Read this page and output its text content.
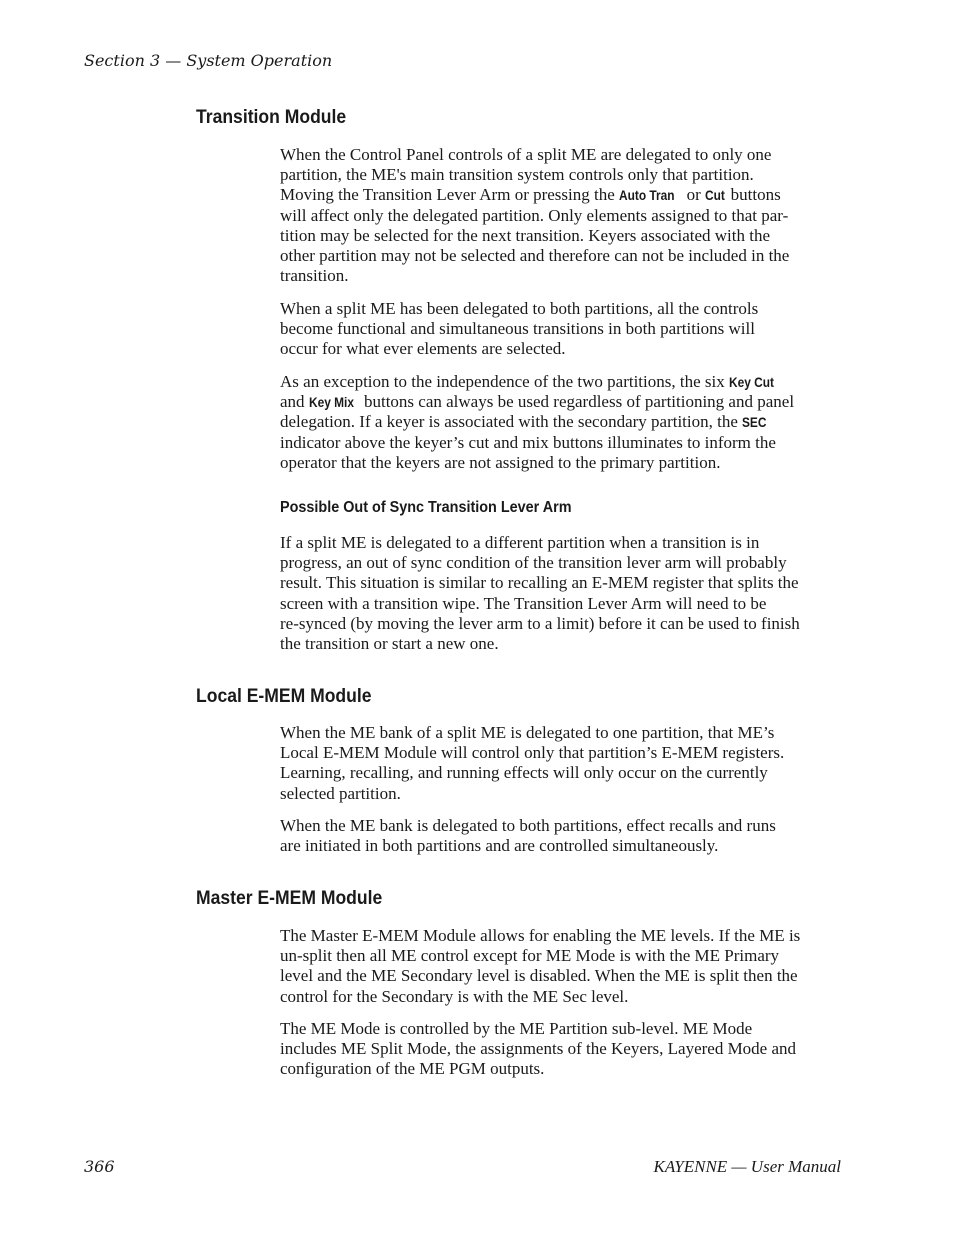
Section 3 — System Operation
Transition Module
When the Control Panel controls of a split ME are delegated to only one
partition, the ME's main transition system controls only that partition.
Moving the Transition Lever Arm or pressing the Auto Tran or Cut buttons
will affect only the delegated partition. Only elements assigned to that par-
tition may be selected for the next transition. Keyers associated with the
other partition may not be selected and therefore can not be included in the
transition.
When a split ME has been delegated to both partitions, all the controls
become functional and simultaneous transitions in both partitions will
occur for what ever elements are selected.
As an exception to the independence of the two partitions, the six Key Cut
and Key Mix buttons can always be used regardless of partitioning and panel
delegation. If a keyer is associated with the secondary partition, the SEC
indicator above the keyer’s cut and mix buttons illuminates to inform the
operator that the keyers are not assigned to the primary partition.
Possible Out of Sync Transition Lever Arm
If a split ME is delegated to a different partition when a transition is in
progress, an out of sync condition of the transition lever arm will probably
result. This situation is similar to recalling an E-MEM register that splits the
screen with a transition wipe. The Transition Lever Arm will need to be
re-synced (by moving the lever arm to a limit) before it can be used to finish
the transition or start a new one.
Local E-MEM Module
When the ME bank of a split ME is delegated to one partition, that ME’s
Local E-MEM Module will control only that partition’s E-MEM registers.
Learning, recalling, and running effects will only occur on the currently
selected partition.
When the ME bank is delegated to both partitions, effect recalls and runs
are initiated in both partitions and are controlled simultaneously.
Master E-MEM Module
The Master E-MEM Module allows for enabling the ME levels. If the ME is
un-split then all ME control except for ME Mode is with the ME Primary
level and the ME Secondary level is disabled. When the ME is split then the
control for the Secondary is with the ME Sec level.
The ME Mode is controlled by the ME Partition sub-level. ME Mode
includes ME Split Mode, the assignments of the Keyers, Layered Mode and
configuration of the ME PGM outputs.
366	KAYENNE — User Manual
